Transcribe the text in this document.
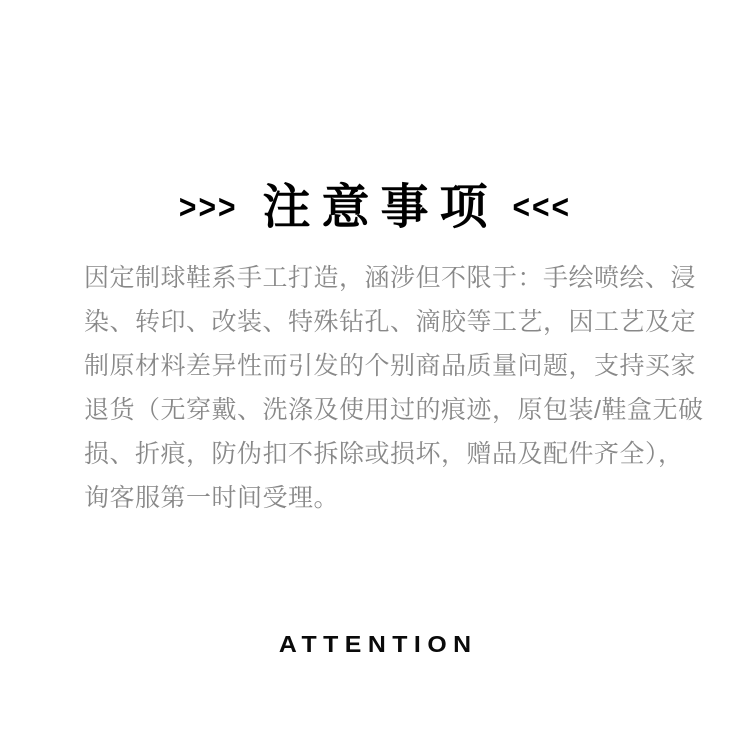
>>> 注意事项 <<<
因定制球鞋系手工打造，涵涉但不限于：手绘喷绘、浸
染、转印、改装、特殊钻孔、滴胶等工艺，因工艺及定
制原材料差异性而引发的个别商品质量问题，支持买家
退货（无穿戴、洗涤及使用过的痕迹，原包装/鞋盒无破
损、折痕，防伪扣不拆除或损坏，赠品及配件齐全），
询客服第一时间受理。
ATTENTION
